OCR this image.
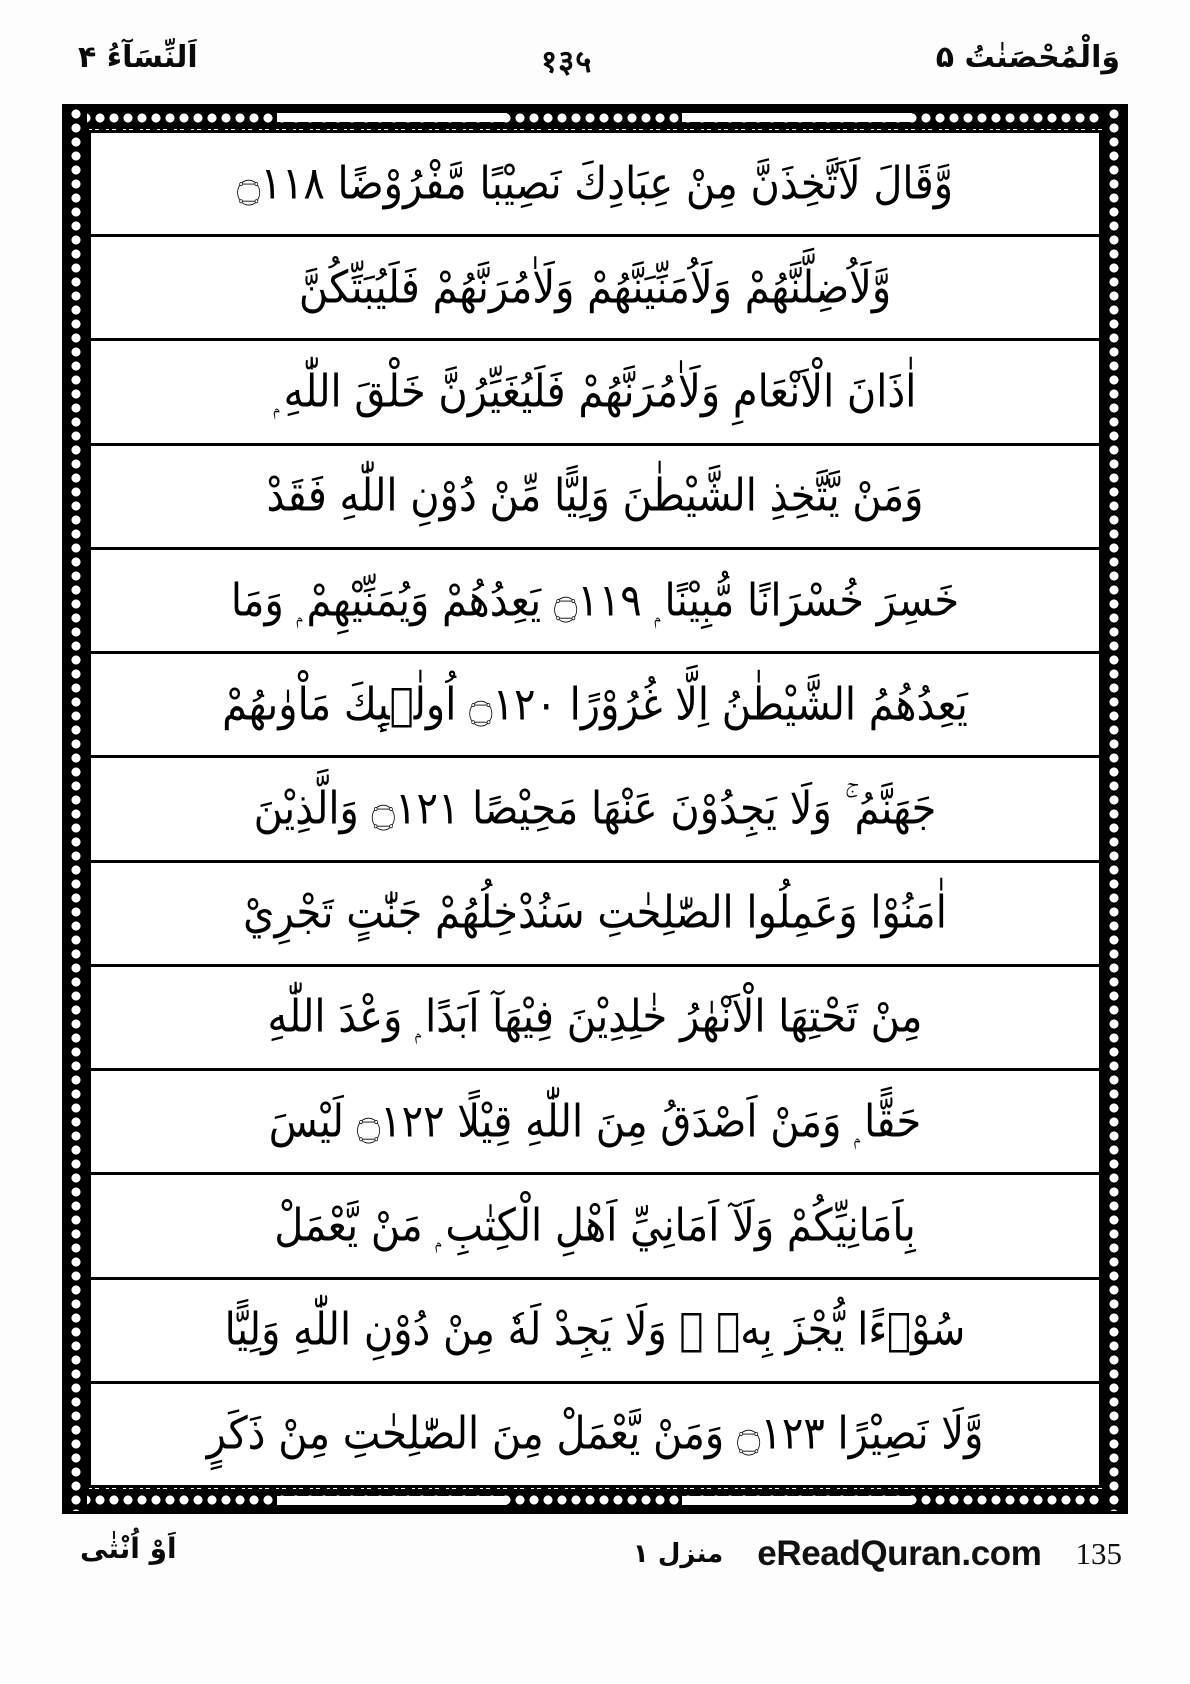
اَلنِّسَآءُ ۴	१३५	وَالْمُحْصَنٰتُ ۵
وَّقَالَ لَاَتَّخِذَنَّ مِنْ عِبَادِكَ نَصِيْبًا مَّفْرُوْضًا ۝١١٨
وَّلَاُضِلَّنَّهُمْ وَلَاُمَنِّيَنَّهُمْ وَلَاٰمُرَنَّهُمْ فَلَيُبَتِّكُنَّ
اٰذَانَ الْاَنْعَامِ وَلَاٰمُرَنَّهُمْ فَلَيُغَيِّرُنَّ خَلْقَ اللّٰهِ ۭ
وَمَنْ يَّتَّخِذِ الشَّيْطٰنَ وَلِيًّا مِّنْ دُوْنِ اللّٰهِ فَقَدْ
خَسِرَ خُسْرَانًا مُّبِيْنًا ۭ ۝١١٩ يَعِدُهُمْ وَيُمَنِّيْهِمْ ۭ وَمَا
يَعِدُهُمُ الشَّيْطٰنُ اِلَّا غُرُوْرًا ۝١٢٠ اُولٰۗىِٕكَ مَاْوٰىهُمْ
جَهَنَّمُ ۚ وَلَا يَجِدُوْنَ عَنْهَا مَحِيْصًا ۝١٢١ وَالَّذِيْنَ
اٰمَنُوْا وَعَمِلُوا الصّٰلِحٰتِ سَنُدْخِلُهُمْ جَنّٰتٍ تَجْرِيْ
مِنْ تَحْتِهَا الْاَنْهٰرُ خٰلِدِيْنَ فِيْهَآ اَبَدًا ۭ وَعْدَ اللّٰهِ
حَقًّا ۭ وَمَنْ اَصْدَقُ مِنَ اللّٰهِ قِيْلًا ۝١٢٢ لَيْسَ
بِاَمَانِيِّكُمْ وَلَآ اَمَانِيِّ اَهْلِ الْكِتٰبِ ۭ مَنْ يَّعْمَلْ
سُوْۗءًا يُّجْزَ بِهٖ ۙ وَلَا يَجِدْ لَهٗ مِنْ دُوْنِ اللّٰهِ وَلِيًّا
وَّلَا نَصِيْرًا ۝١٢٣ وَمَنْ يَّعْمَلْ مِنَ الصّٰلِحٰتِ مِنْ ذَكَرٍ
اَوْ اُنْثٰى	منزل ١ eReadQuran.com 135
